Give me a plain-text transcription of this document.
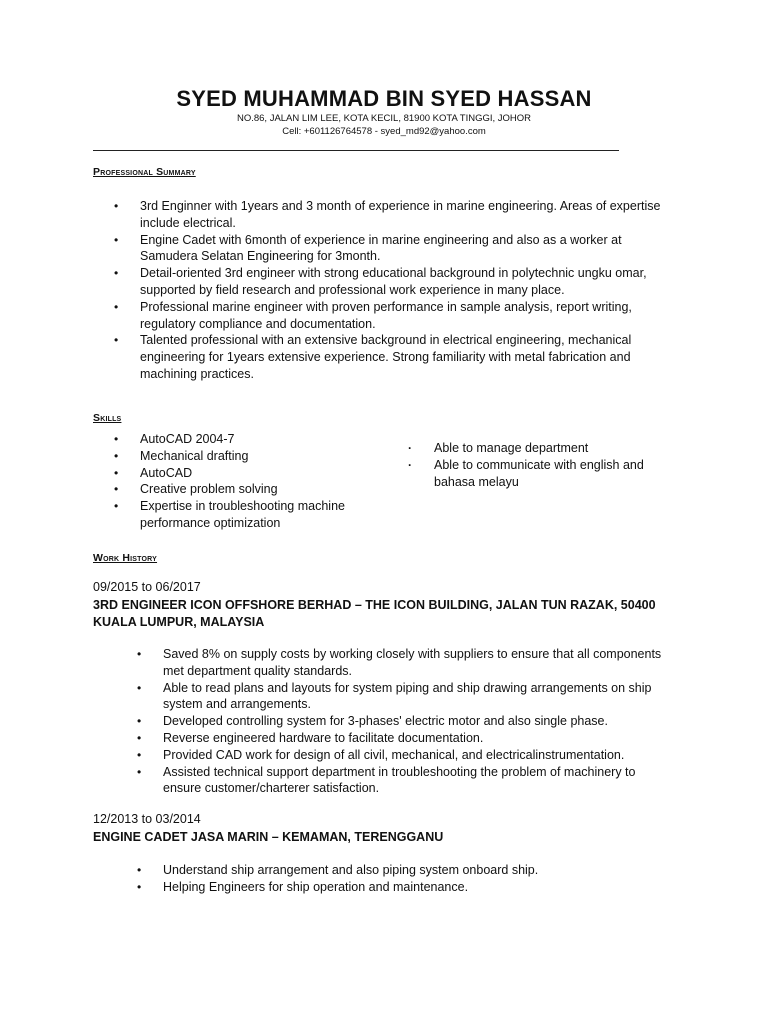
SYED MUHAMMAD BIN SYED HASSAN
NO.86, JALAN LIM LEE, KOTA KECIL, 81900 KOTA TINGGI, JOHOR
Cell: +601126764578 - syed_md92@yahoo.com
Professional Summary
• 3rd Enginner with 1years and 3 month of experience in marine engineering. Areas of expertise include electrical.
• Engine Cadet with 6month of experience in marine engineering and also as a worker at Samudera Selatan Engineering for 3month.
• Detail-oriented 3rd engineer with strong educational background in polytechnic ungku omar, supported by field research and professional work experience in many place.
• Professional marine engineer with proven performance in sample analysis, report writing, regulatory compliance and documentation.
• Talented professional with an extensive background in electrical engineering, mechanical engineering for 1years extensive experience. Strong familiarity with metal fabrication and machining practices.
Skills
• AutoCAD 2004-7
• Mechanical drafting
• AutoCAD
• Creative problem solving
• Expertise in troubleshooting machine performance optimization
· Able to manage department
· Able to communicate with english and bahasa melayu
Work History
09/2015 to 06/2017
3RD ENGINEER ICON OFFSHORE BERHAD – THE ICON BUILDING, JALAN TUN RAZAK, 50400 KUALA LUMPUR, MALAYSIA
• Saved 8% on supply costs by working closely with suppliers to ensure that all components met department quality standards.
• Able to read plans and layouts for system piping and ship drawing arrangements on ship system and arrangements.
• Developed controlling system for 3-phases' electric motor and also single phase.
• Reverse engineered hardware to facilitate documentation.
• Provided CAD work for design of all civil, mechanical, and electricalinstrumentation.
• Assisted technical support department in troubleshooting the problem of machinery to ensure customer/charterer satisfaction.
12/2013 to 03/2014
ENGINE CADET JASA MARIN – KEMAMAN, TERENGGANU
• Understand ship arrangement and also piping system onboard ship.
• Helping Engineers for ship operation and maintenance.
